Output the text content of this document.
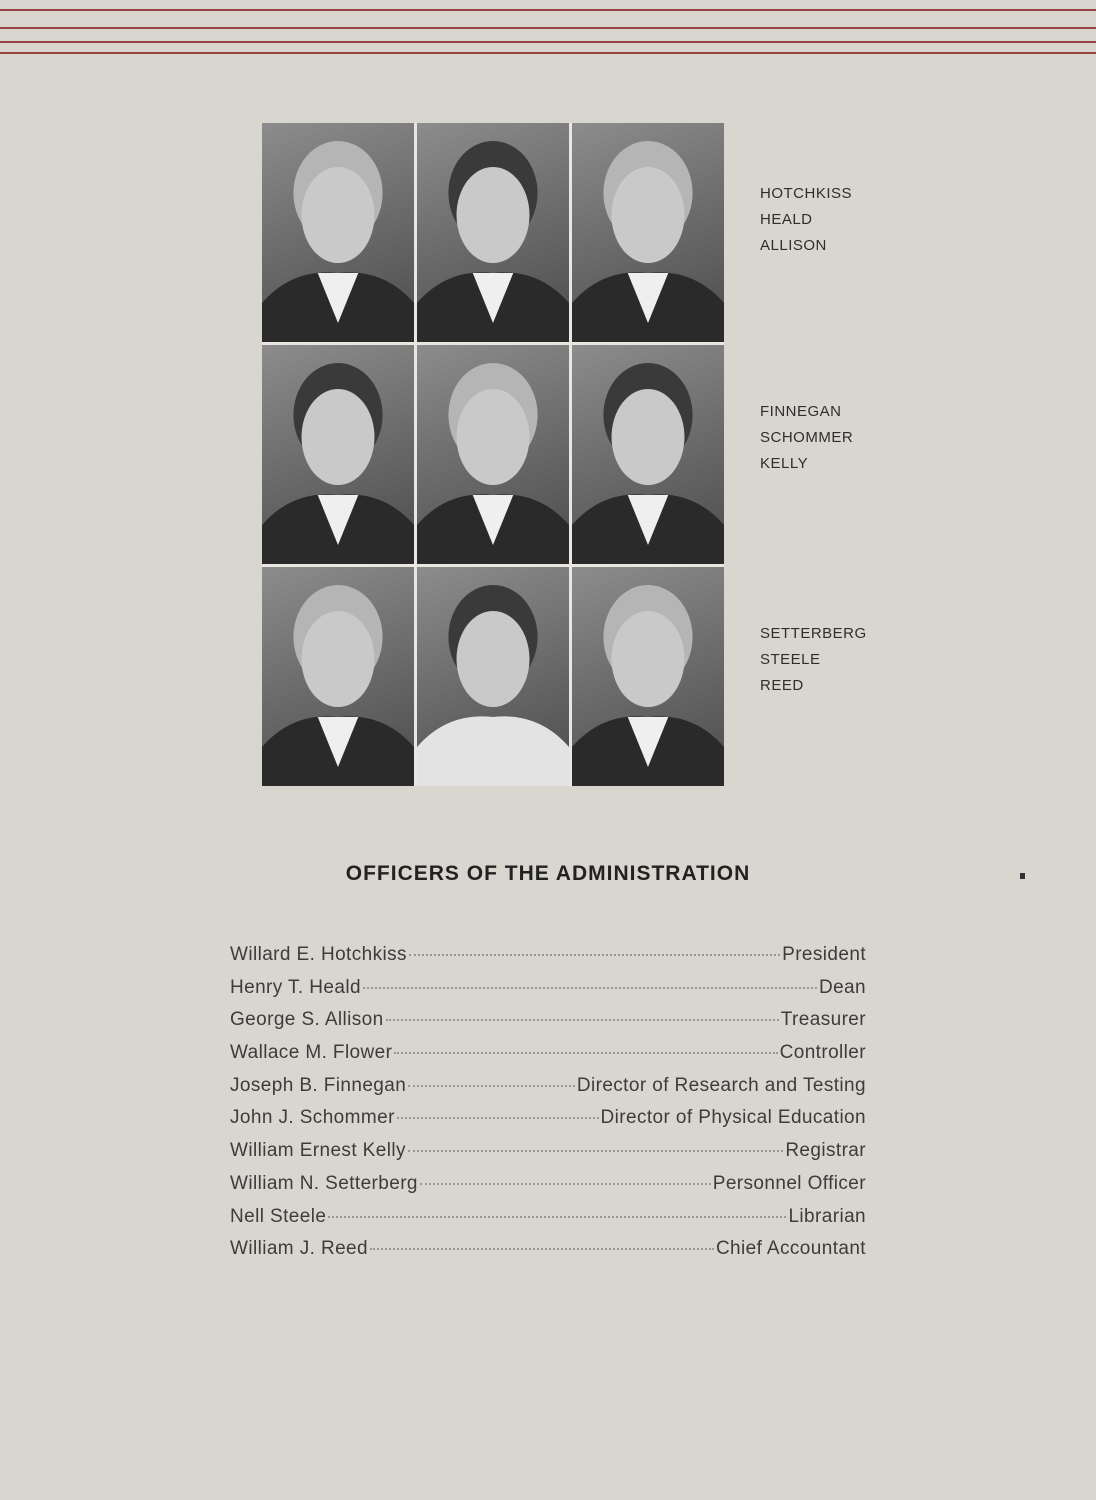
HOTCHKISS
HEALD
ALLISON
FINNEGAN
SCHOMMER
KELLY
SETTERBERG
STEELE
REED
OFFICERS OF THE ADMINISTRATION
Willard E. Hotchkiss	President
Henry T. Heald	Dean
George S. Allison	Treasurer
Wallace M. Flower	Controller
Joseph B. Finnegan	Director of Research and Testing
John J. Schommer	Director of Physical Education
William Ernest Kelly	Registrar
William N. Setterberg	Personnel Officer
Nell Steele	Librarian
William J. Reed	Chief Accountant
